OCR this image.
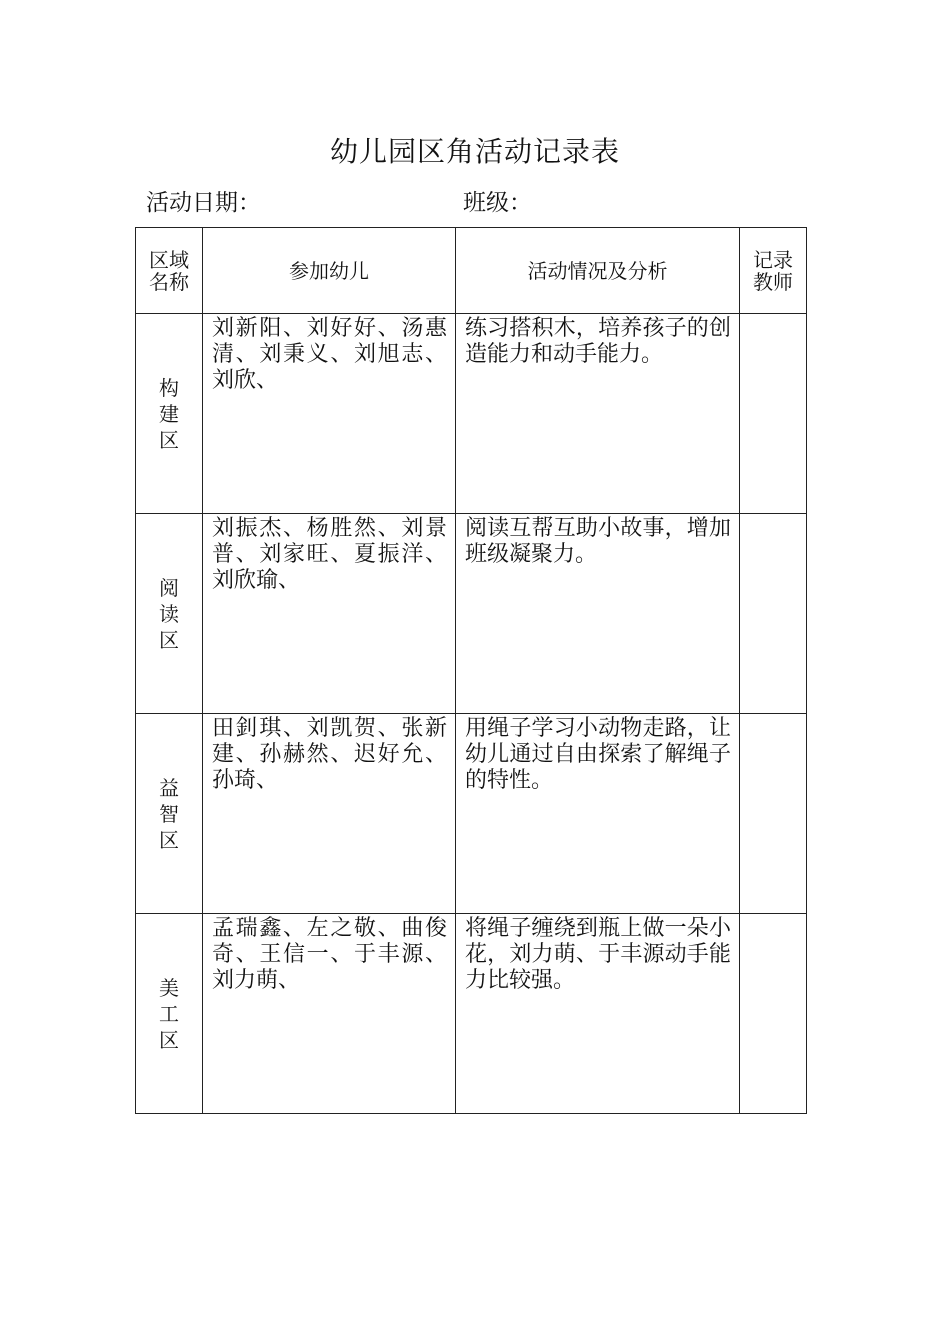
幼儿园区角活动记录表
活动日期：	班级：
区域名称	参加幼儿	活动情况及分析	记录教师
构建区	刘新阳、刘好好、汤惠清、刘秉义、刘旭志、刘欣、	练习搭积木，培养孩子的创造能力和动手能力。	
阅读区	刘振杰、杨胜然、刘景普、刘家旺、夏振洋、刘欣瑜、	阅读互帮互助小故事，增加班级凝聚力。	
益智区	田釗琪、刘凯贺、张新建、孙赫然、迟好允、孙琦、	用绳子学习小动物走路，让幼儿通过自由探索了解绳子的特性。	
美工区	孟瑞鑫、左之敬、曲俊奇、王信一、于丰源、刘力萌、	将绳子缠绕到瓶上做一朵小花，刘力萌、于丰源动手能力比较强。	
